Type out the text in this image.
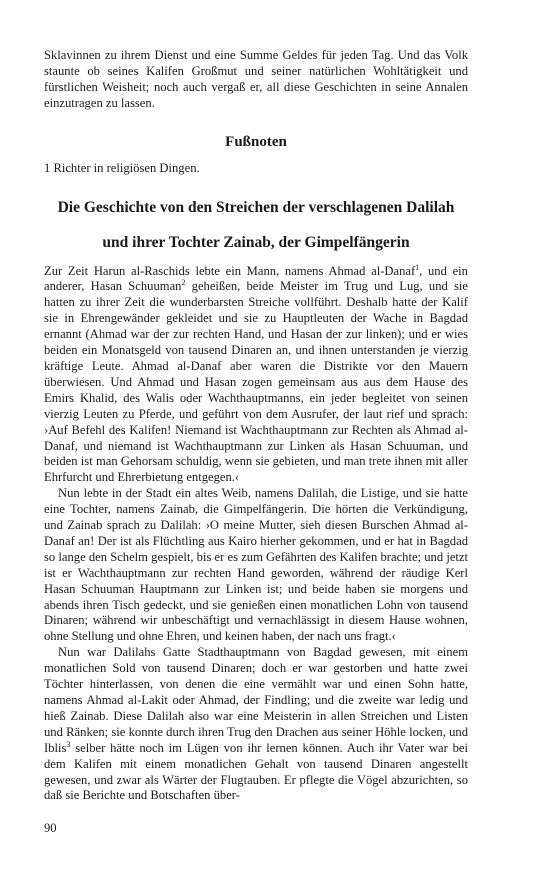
Sklavinnen zu ihrem Dienst und eine Summe Geldes für jeden Tag. Und das Volk staunte ob seines Kalifen Großmut und seiner natürlichen Wohltätigkeit und fürstlichen Weisheit; noch auch vergaß er, all diese Geschichten in seine Annalen einzutragen zu lassen.

Fußnoten

1 Richter in religiösen Dingen.

Die Geschichte von den Streichen der verschlagenen Dalilah
und ihrer Tochter Zainab, der Gimpelfängerin

Zur Zeit Harun al-Raschids lebte ein Mann, namens Ahmad al-Danaf$^1$, und ein anderer, Hasan Schuuman$^2$ geheißen, beide Meister im Trug und Lug, und sie hatten zu ihrer Zeit die wunderbarsten Streiche vollführt. Deshalb hatte der Kalif sie in Ehrengewänder gekleidet und sie zu Hauptleuten der Wache in Bagdad ernannt (Ahmad war der zur rechten Hand, und Hasan der zur linken); und er wies beiden ein Monatsgeld von tausend Dinaren an, und ihnen unterstanden je vierzig kräftige Leute. Ahmad al-Danaf aber waren die Distrikte vor den Mauern überwiesen. Und Ahmad und Hasan zogen gemeinsam aus aus dem Hause des Emirs Khalid, des Walis oder Wachthauptmanns, ein jeder begleitet von seinen vierzig Leuten zu Pferde, und geführt von dem Ausrufer, der laut rief und sprach: ›Auf Befehl des Kalifen! Niemand ist Wachthauptmann zur Rechten als Ahmad al-Danaf, und niemand ist Wachthauptmann zur Linken als Hasan Schuuman, und beiden ist man Gehorsam schuldig, wenn sie gebieten, und man trete ihnen mit aller Ehrfurcht und Ehrerbietung entgegen.‹

Nun lebte in der Stadt ein altes Weib, namens Dalilah, die Listige, und sie hatte eine Tochter, namens Zainab, die Gimpelfängerin. Die hörten die Verkündigung, und Zainab sprach zu Dalilah: ›O meine Mutter, sieh diesen Burschen Ahmad al-Danaf an! Der ist als Flüchtling aus Kairo hierher gekommen, und er hat in Bagdad so lange den Schelm gespielt, bis er es zum Gefährten des Kalifen brachte; und jetzt ist er Wachthauptmann zur rechten Hand geworden, während der räudige Kerl Hasan Schuuman Hauptmann zur Linken ist; und beide haben sie morgens und abends ihren Tisch gedeckt, und sie genießen einen monatlichen Lohn von tausend Dinaren; während wir unbeschäftigt und vernachlässigt in diesem Hause wohnen, ohne Stellung und ohne Ehren, und keinen haben, der nach uns fragt.‹

Nun war Dalilahs Gatte Stadthauptmann von Bagdad gewesen, mit einem monatlichen Sold von tausend Dinaren; doch er war gestorben und hatte zwei Töchter hinterlassen, von denen die eine vermählt war und einen Sohn hatte, namens Ahmad al-Lakit oder Ahmad, der Findling; und die zweite war ledig und hieß Zainab. Diese Dalilah also war eine Meisterin in allen Streichen und Listen und Ränken; sie konnte durch ihren Trug den Drachen aus seiner Höhle locken, und Iblis$^3$ selber hätte noch im Lügen von ihr lernen können. Auch ihr Vater war bei dem Kalifen mit einem monatlichen Gehalt von tausend Dinaren angestellt gewesen, und zwar als Wärter der Flugtauben. Er pflegte die Vögel abzurichten, so daß sie Berichte und Botschaften über-

90
